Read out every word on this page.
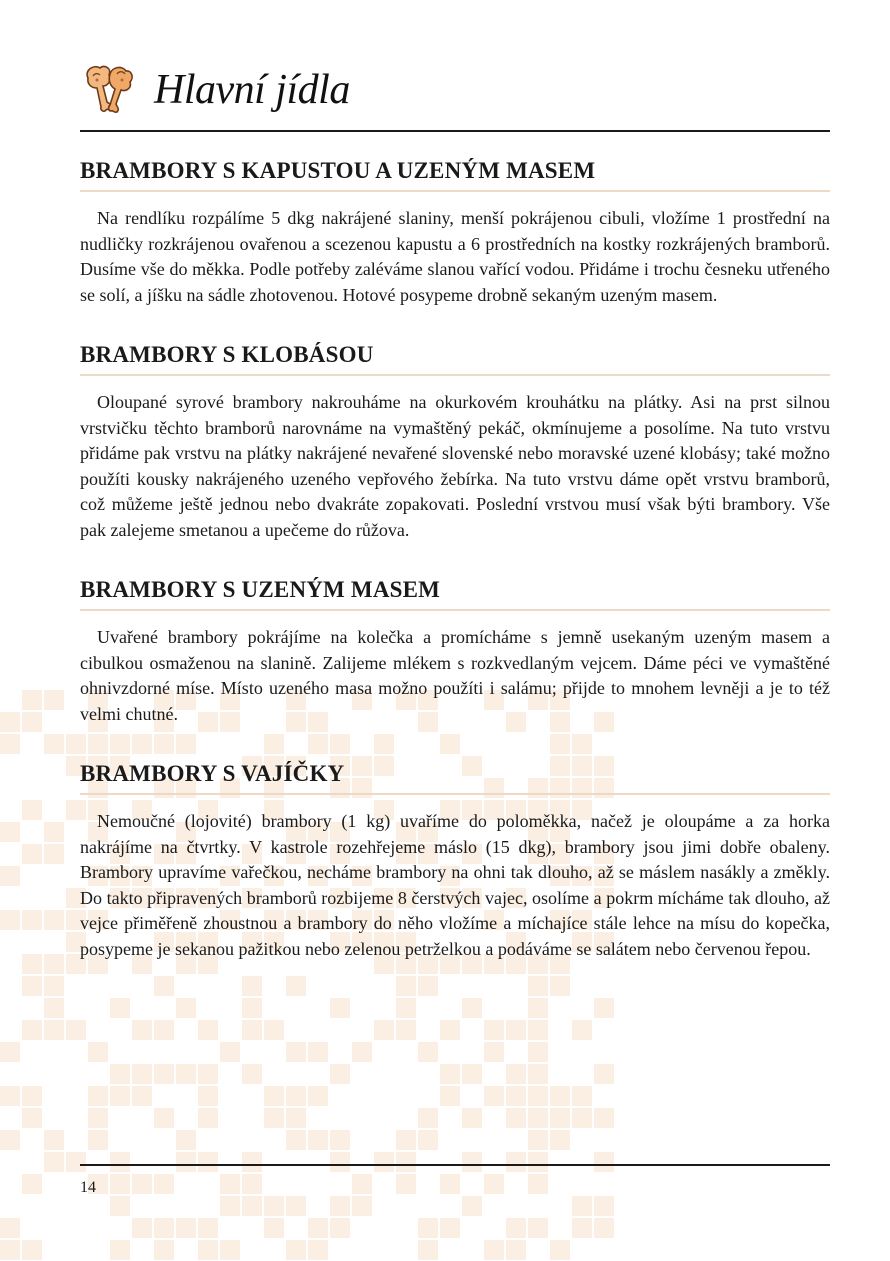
Hlavní jídla
BRAMBORY S KAPUSTOU A UZENÝM MASEM

Na rendlíku rozpálíme 5 dkg nakrájené slaniny, menší pokrájenou cibuli, vložíme 1 prostřední na nudličky rozkrájenou ovařenou a scezenou kapustu a 6 prostředních na kostky rozkrájených bramborů. Dusíme vše do měkka. Podle potřeby zaléváme slanou vařící vodou. Přidáme i trochu česneku utřeného se solí, a jíšku na sádle zhotovenou. Hotové posypeme drobně sekaným uzeným masem.

BRAMBORY S KLOBÁSOU

Oloupané syrové brambory nakrouháme na okurkovém krouhátku na plátky. Asi na prst silnou vrstvičku těchto bramborů narovnáme na vymaštěný pekáč, okmínujeme a posolíme. Na tuto vrstvu přidáme pak vrstvu na plátky nakrájené nevařené slovenské nebo moravské uzené klobásy; také možno použíti kousky nakrájeného uzeného vepřového žebírka. Na tuto vrstvu dáme opět vrstvu bramborů, což můžeme ještě jednou nebo dvakráte zopakovati. Poslední vrstvou musí však býti brambory. Vše pak zalejeme smetanou a upečeme do růžova.

BRAMBORY S UZENÝM MASEM

Uvařené brambory pokrájíme na kolečka a promícháme s jemně usekaným uzeným masem a cibulkou osmaženou na slanině. Zalijeme mlékem s rozkvedlaným vejcem. Dáme péci ve vymaštěné ohnivzdorné míse. Místo uzeného masa možno použíti i salámu; přijde to mnohem levněji a je to též velmi chutné.

BRAMBORY S VAJÍČKY

Nemoučné (lojovité) brambory (1 kg) uvaříme do poloměkka, načež je oloupáme a za horka nakrájíme na čtvrtky. V kastrole rozehřejeme máslo (15 dkg), brambory jsou jimi dobře obaleny. Brambory upravíme vařečkou, necháme brambory na ohni tak dlouho, až se máslem nasákly a změkly. Do takto připravených bramborů rozbijeme 8 čerstvých vajec, osolíme a pokrm mícháme tak dlouho, až vejce přiměřeně zhoustnou a brambory do něho vložíme a míchajíce stále lehce na mísu do kopečka, posypeme je sekanou pažitkou nebo zelenou petrželkou a podáváme se salátem nebo červenou řepou.

14
